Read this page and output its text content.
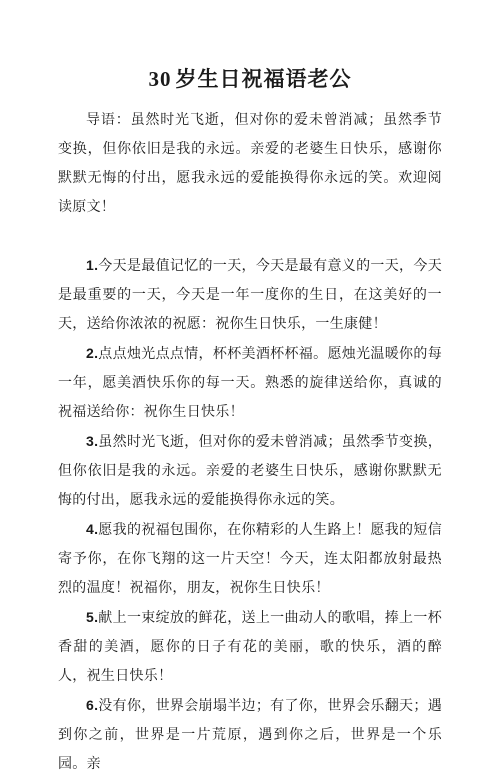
30 岁生日祝福语老公

导语：虽然时光飞逝，但对你的爱未曾消减；虽然季节变换，但你依旧是我的永远。亲爱的老婆生日快乐，感谢你默默无悔的付出，愿我永远的爱能换得你永远的笑。欢迎阅读原文！

1.今天是最值记忆的一天，今天是最有意义的一天，今天是最重要的一天，今天是一年一度你的生日，在这美好的一天，送给你浓浓的祝愿：祝你生日快乐，一生康健！

2.点点烛光点点情，杯杯美酒杯杯福。愿烛光温暖你的每一年，愿美酒快乐你的每一天。熟悉的旋律送给你，真诚的祝福送给你：祝你生日快乐！

3.虽然时光飞逝，但对你的爱未曾消减；虽然季节变换，但你依旧是我的永远。亲爱的老婆生日快乐，感谢你默默无悔的付出，愿我永远的爱能换得你永远的笑。

4.愿我的祝福包围你，在你精彩的人生路上！愿我的短信寄予你，在你飞翔的这一片天空！今天，连太阳都放射最热烈的温度！祝福你，朋友，祝你生日快乐！

5.献上一束绽放的鲜花，送上一曲动人的歌唱，捧上一杯香甜的美酒，愿你的日子有花的美丽，歌的快乐，酒的醉人，祝生日快乐！

6.没有你，世界会崩塌半边；有了你，世界会乐翻天；遇到你之前，世界是一片荒原，遇到你之后，世界是一个乐园。亲
